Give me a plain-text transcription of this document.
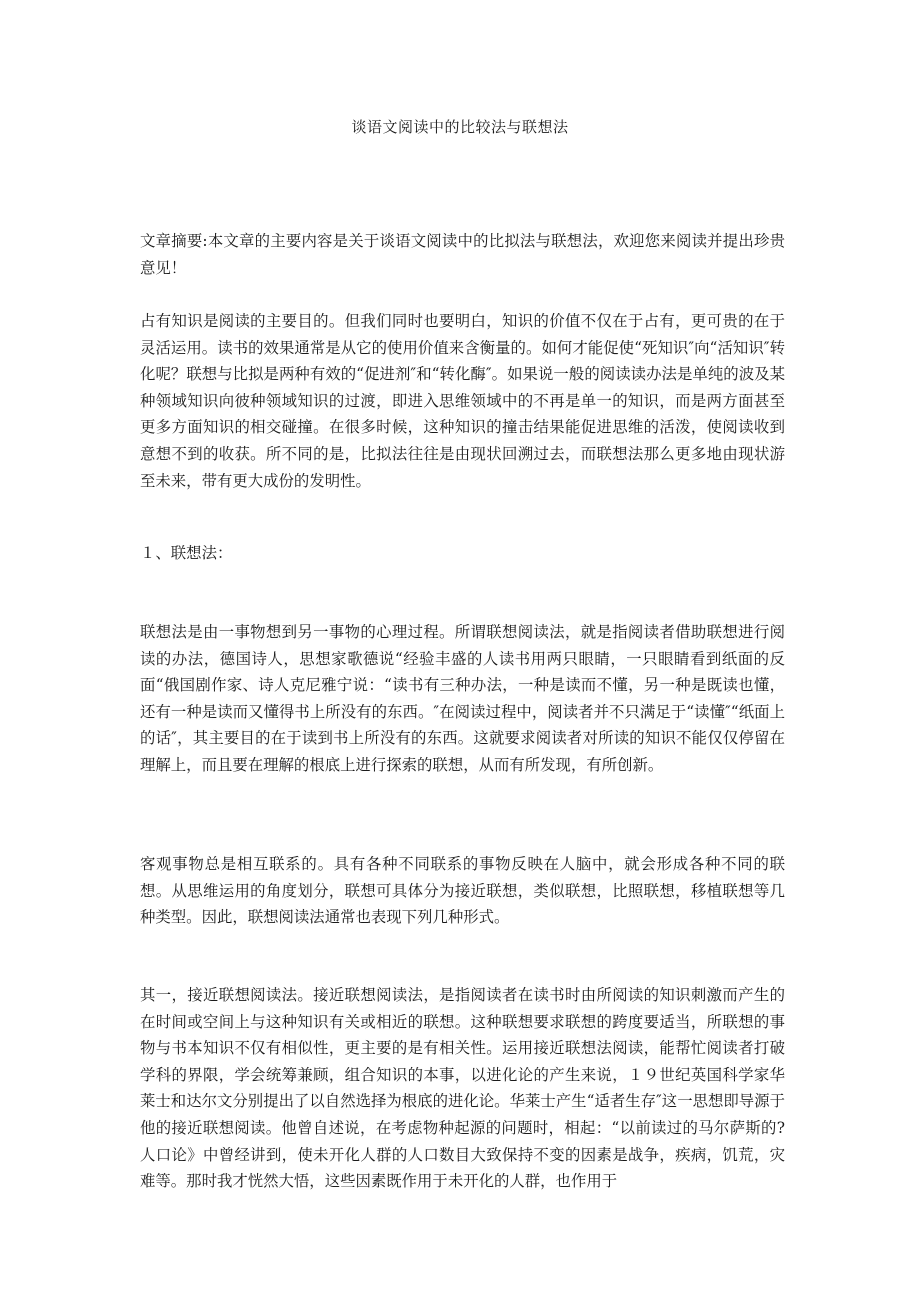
谈语文阅读中的比较法与联想法

文章摘要:本文章的主要内容是关于谈语文阅读中的比拟法与联想法，欢迎您来阅读并提出珍贵意见！

占有知识是阅读的主要目的。但我们同时也要明白，知识的价值不仅在于占有，更可贵的在于灵活运用。读书的效果通常是从它的使用价值来含衡量的。如何才能促使“死知识″向“活知识″转化呢？联想与比拟是两种有效的“促进剂″和“转化酶″。如果说一般的阅读读办法是单纯的波及某种领域知识向彼种领域知识的过渡，即进入思维领域中的不再是单一的知识，而是两方面甚至更多方面知识的相交碰撞。在很多时候，这种知识的撞击结果能促进思维的活泼，使阅读收到意想不到的收获。所不同的是，比拟法往往是由现状回溯过去，而联想法那么更多地由现状游至未来，带有更大成份的发明性。

１、联想法：

联想法是由一事物想到另一事物的心理过程。所谓联想阅读法，就是指阅读者借助联想进行阅读的办法，德国诗人，思想家歌德说“经验丰盛的人读书用两只眼睛，一只眼睛看到纸面的反面“俄国剧作家、诗人克尼雅宁说：“读书有三种办法，一种是读而不懂，另一种是既读也懂，还有一种是读而又懂得书上所没有的东西。″在阅读过程中，阅读者并不只满足于“读懂″“纸面上的话″，其主要目的在于读到书上所没有的东西。这就要求阅读者对所读的知识不能仅仅停留在理解上，而且要在理解的根底上进行探索的联想，从而有所发现，有所创新。

客观事物总是相互联系的。具有各种不同联系的事物反映在人脑中，就会形成各种不同的联想。从思维运用的角度划分，联想可具体分为接近联想，类似联想，比照联想，移植联想等几种类型。因此，联想阅读法通常也表现下列几种形式。

其一，接近联想阅读法。接近联想阅读法，是指阅读者在读书时由所阅读的知识刺激而产生的在时间或空间上与这种知识有关或相近的联想。这种联想要求联想的跨度要适当，所联想的事物与书本知识不仅有相似性，更主要的是有相关性。运用接近联想法阅读，能帮忙阅读者打破学科的界限，学会统筹兼顾，组合知识的本事，以进化论的产生来说，１９世纪英国科学家华莱士和达尔文分别提出了以自然选择为根底的进化论。华莱士产生“适者生存″这一思想即导源于他的接近联想阅读。他曾自述说，在考虑物种起源的问题时，相起：“以前读过的马尔萨斯的?人口论》中曾经讲到，使未开化人群的人口数目大致保持不变的因素是战争，疾病，饥荒，灾难等。那时我才恍然大悟，这些因素既作用于未开化的人群，也作用于
